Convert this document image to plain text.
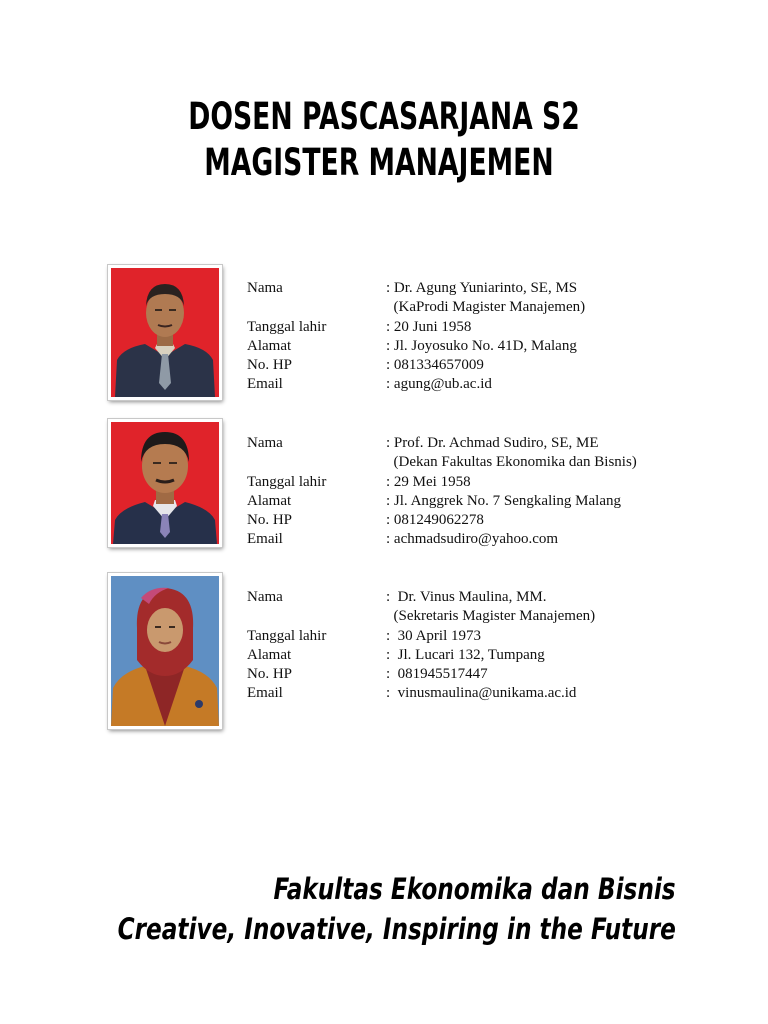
DOSEN PASCASARJANA S2
MAGISTER MANAJEMEN
Nama	: Dr. Agung Yuniarinto, SE, MS
(KaProdi Magister Manajemen)
Tanggal lahir	: 20 Juni 1958
Alamat	: Jl. Joyosuko No. 41D, Malang
No. HP	: 081334657009
Email	: agung@ub.ac.id
Nama	: Prof. Dr. Achmad Sudiro, SE, ME
(Dekan Fakultas Ekonomika dan Bisnis)
Tanggal lahir	: 29 Mei 1958
Alamat	: Jl. Anggrek No. 7 Sengkaling Malang
No. HP	: 081249062278
Email	: achmadsudiro@yahoo.com
Nama	:  Dr. Vinus Maulina, MM.
(Sekretaris Magister Manajemen)
Tanggal lahir	:  30 April 1973
Alamat	:  Jl. Lucari 132, Tumpang
No. HP	:  081945517447
Email	:  vinusmaulina@unikama.ac.id
Fakultas Ekonomika dan Bisnis
Creative, Inovative, Inspiring in the Future
